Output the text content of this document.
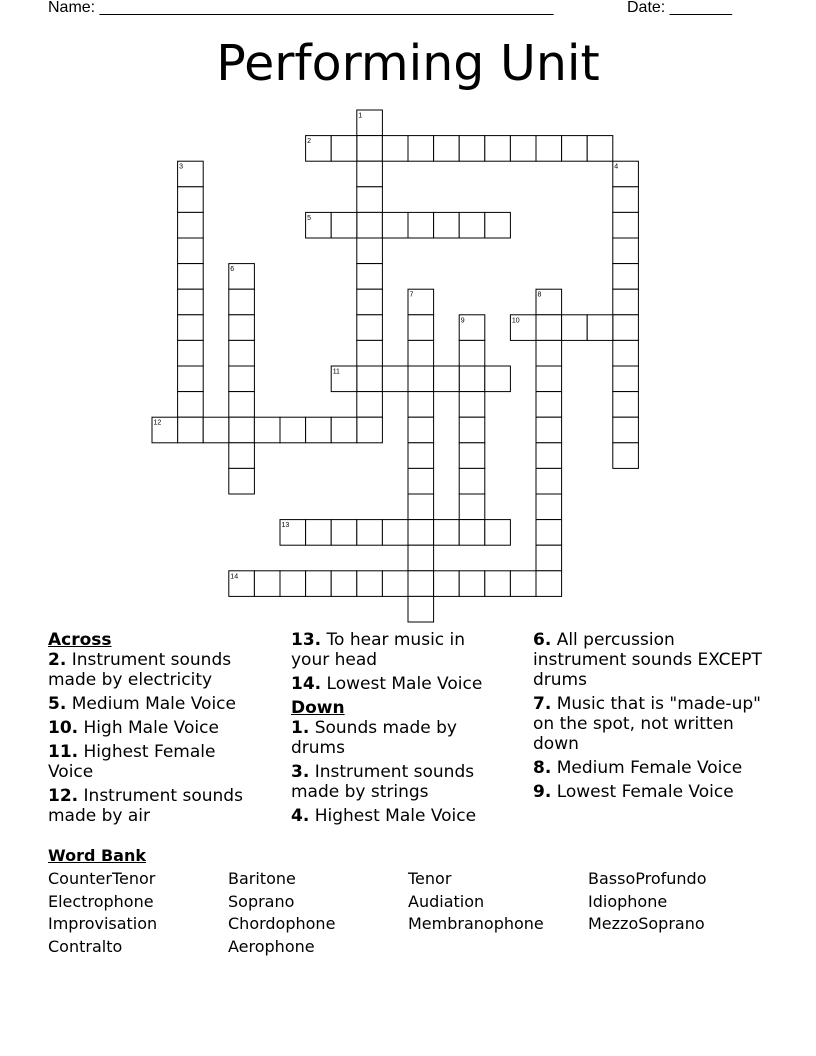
Name: ___________________________________________________	Date: _______
Performing Unit
1
2
3	4
5
6
7	8
9	10
11
12
13
14
Across
2. Instrument sounds made by electricity
5. Medium Male Voice
10. High Male Voice
11. Highest Female Voice
12. Instrument sounds made by air
13. To hear music in your head
14. Lowest Male Voice
Down
1. Sounds made by drums
3. Instrument sounds made by strings
4. Highest Male Voice
6. All percussion instrument sounds EXCEPT drums
7. Music that is "made-up" on the spot, not written down
8. Medium Female Voice
9. Lowest Female Voice
Word Bank
CounterTenor	Baritone	Tenor	BassoProfundo
Electrophone	Soprano	Audiation	Idiophone
Improvisation	Chordophone	Membranophone	MezzoSoprano
Contralto	Aerophone
